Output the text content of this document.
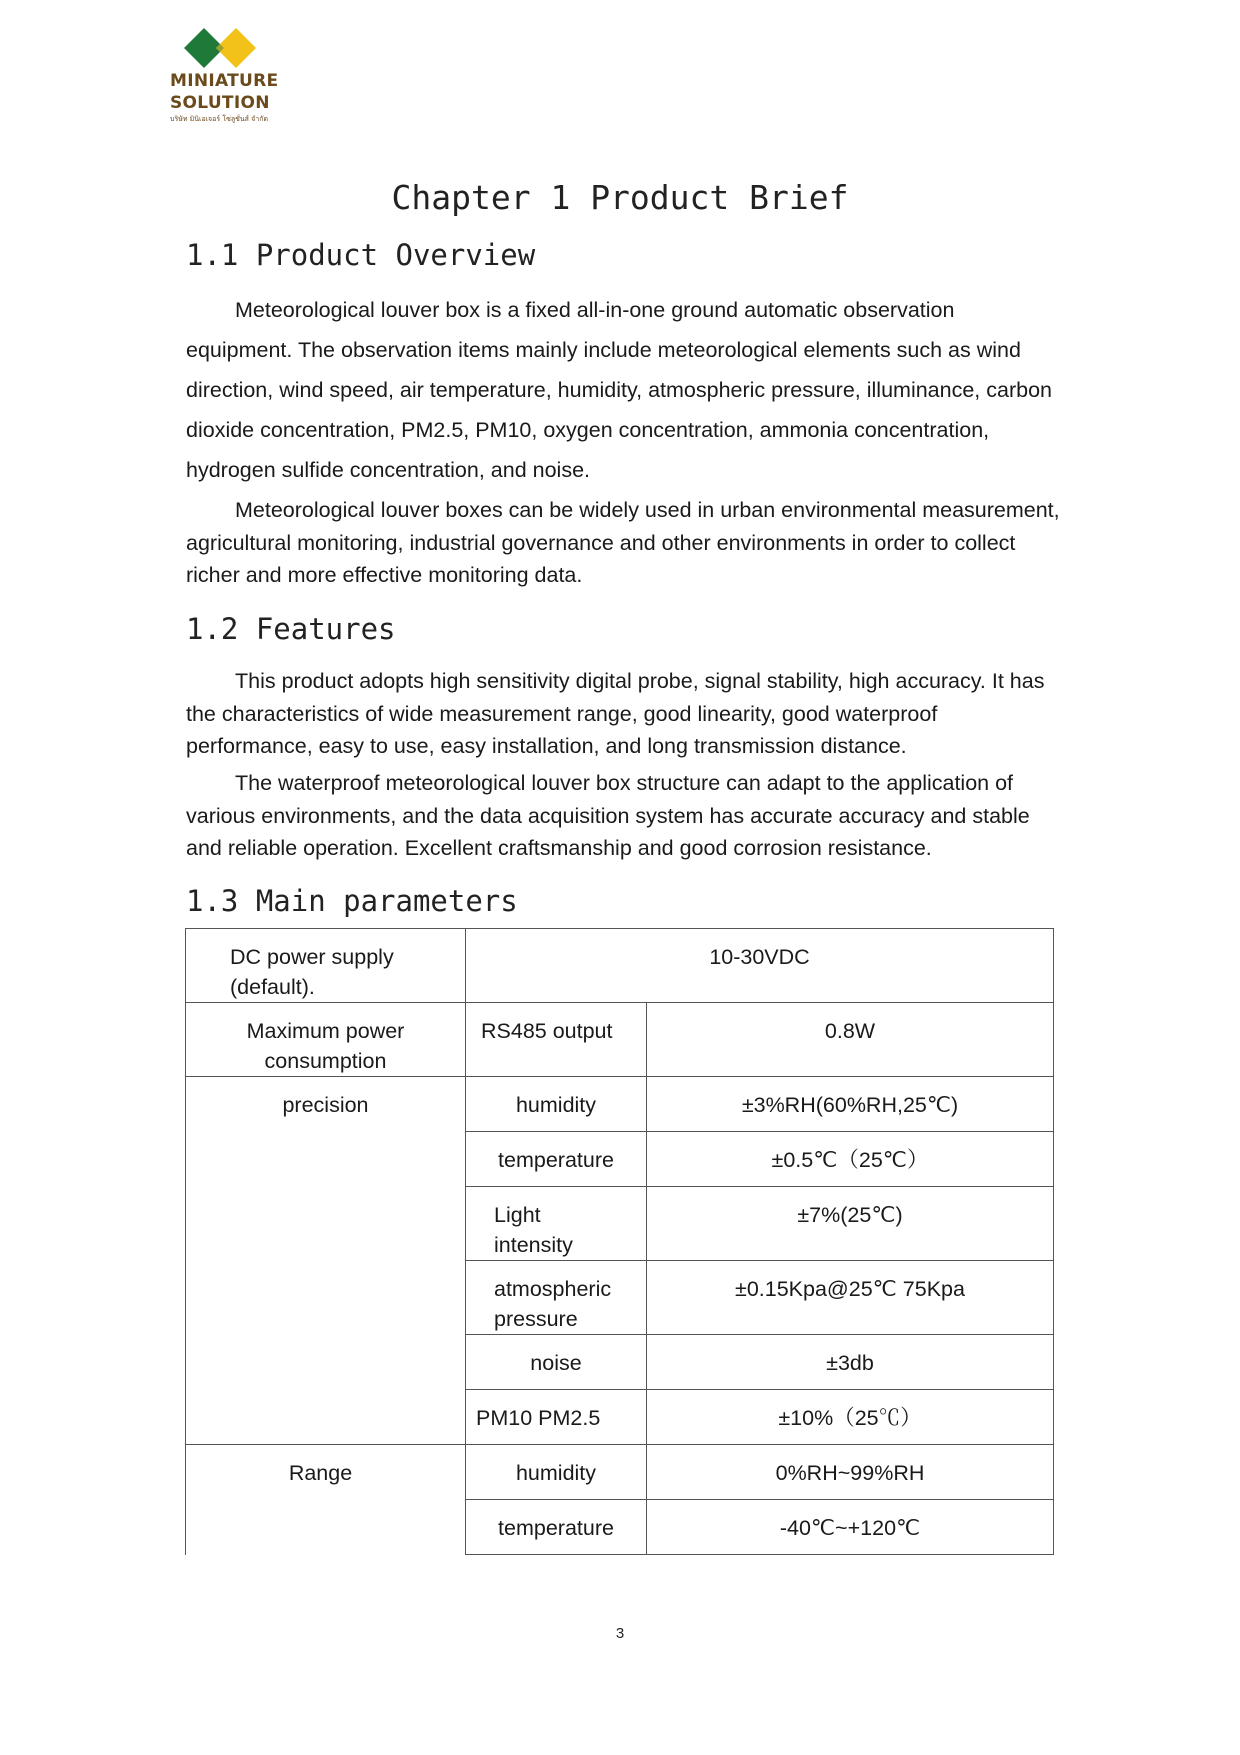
MINIATURE
SOLUTION
บริษัท มินิเอเจอร์ โซลูชั่นส์ จำกัด
Chapter 1 Product Brief
1.1 Product Overview

Meteorological louver box is a fixed all-in-one ground automatic observation equipment. The observation items mainly include meteorological elements such as wind direction, wind speed, air temperature, humidity, atmospheric pressure, illuminance, carbon dioxide concentration, PM2.5, PM10, oxygen concentration, ammonia concentration, hydrogen sulfide concentration, and noise.

Meteorological louver boxes can be widely used in urban environmental measurement, agricultural monitoring, industrial governance and other environments in order to collect richer and more effective monitoring data.

1.2 Features

This product adopts high sensitivity digital probe, signal stability, high accuracy. It has the characteristics of wide measurement range, good linearity, good waterproof performance, easy to use, easy installation, and long transmission distance.

The waterproof meteorological louver box structure can adapt to the application of various environments, and the data acquisition system has accurate accuracy and stable and reliable operation. Excellent craftsmanship and good corrosion resistance.

1.3 Main parameters
DC power supply (default).	10-30VDC	

Maximum power consumption	RS485 output	0.8W

precision	humidity	±3%RH(60%RH,25℃)

	temperature	±0.5℃（25℃）

	Light intensity	±7%(25℃)

	atmospheric pressure	±0.15Kpa@25℃ 75Kpa

	noise	±3db

	PM10 PM2.5	±10%（25℃）

Range	humidity	0%RH~99%RH

	temperature	-40℃~+120℃
3
